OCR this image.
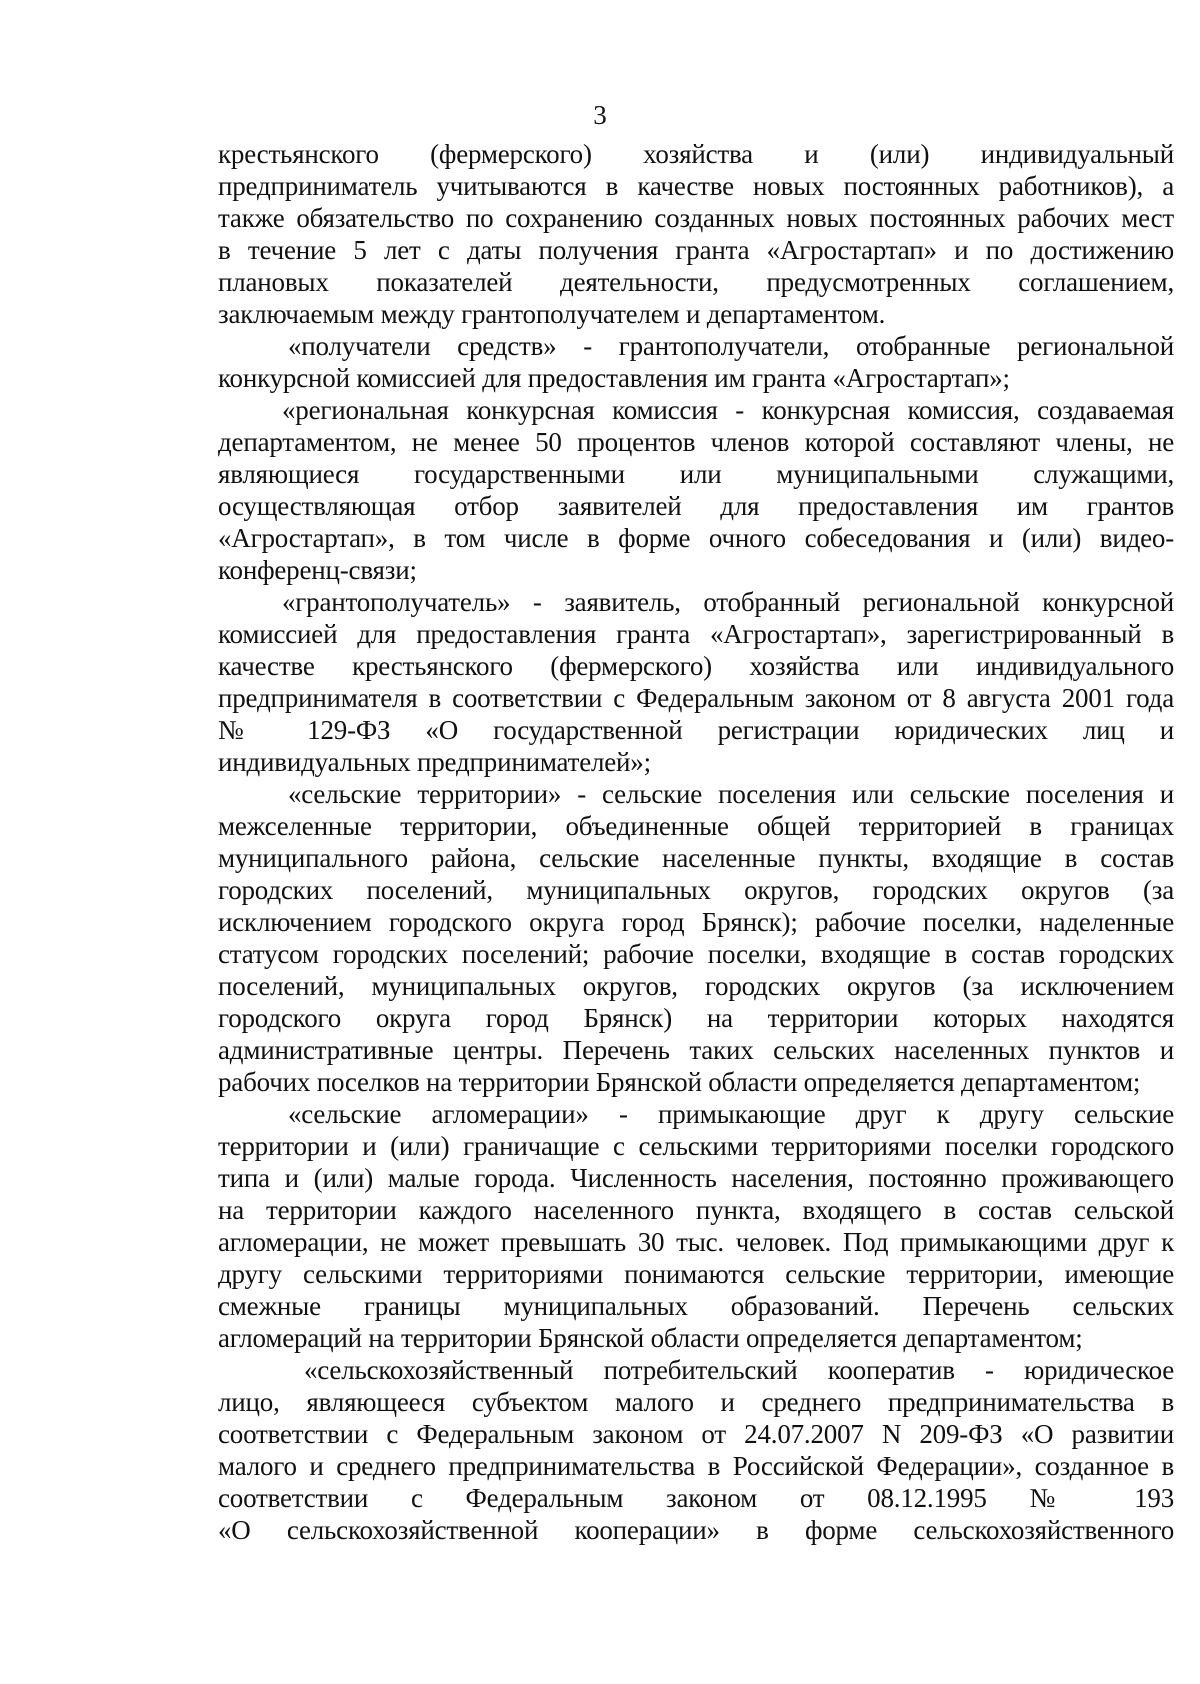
3
крестьянского (фермерского) хозяйства и (или) индивидуальный
предприниматель учитываются в качестве новых постоянных работников), а
также обязательство по сохранению созданных новых постоянных рабочих мест
в течение 5 лет с даты получения гранта «Агростартап» и по достижению
плановых показателей деятельности, предусмотренных соглашением,
заключаемым между грантополучателем и департаментом.
«получатели средств» - грантополучатели, отобранные региональной
конкурсной комиссией для предоставления им гранта «Агростартап»;
«региональная конкурсная комиссия - конкурсная комиссия, создаваемая
департаментом, не менее 50 процентов членов которой составляют члены, не
являющиеся государственными или муниципальными служащими,
осуществляющая отбор заявителей для предоставления им грантов
«Агростартап», в том числе в форме очного собеседования и (или) видео-
конференц-связи;
«грантополучатель» - заявитель, отобранный региональной конкурсной
комиссией для предоставления гранта «Агростартап», зарегистрированный в
качестве крестьянского (фермерского) хозяйства или индивидуального
предпринимателя в соответствии с Федеральным законом от 8 августа 2001 года
№ 129-ФЗ «О государственной регистрации юридических лиц и
индивидуальных предпринимателей»;
«сельские территории» - сельские поселения или сельские поселения и
межселенные территории, объединенные общей территорией в границах
муниципального района, сельские населенные пункты, входящие в состав
городских поселений, муниципальных округов, городских округов (за
исключением городского округа город Брянск); рабочие поселки, наделенные
статусом городских поселений; рабочие поселки, входящие в состав городских
поселений, муниципальных округов, городских округов (за исключением
городского округа город Брянск) на территории которых находятся
административные центры. Перечень таких сельских населенных пунктов и
рабочих поселков на территории Брянской области определяется департаментом;
«сельские агломерации» - примыкающие друг к другу сельские
территории и (или) граничащие с сельскими территориями поселки городского
типа и (или) малые города. Численность населения, постоянно проживающего
на территории каждого населенного пункта, входящего в состав сельской
агломерации, не может превышать 30 тыс. человек. Под примыкающими друг к
другу сельскими территориями понимаются сельские территории, имеющие
смежные границы муниципальных образований. Перечень сельских
агломераций на территории Брянской области определяется департаментом;
«сельскохозяйственный потребительский кооператив - юридическое
лицо, являющееся субъектом малого и среднего предпринимательства в
соответствии с Федеральным законом от 24.07.2007 N 209-ФЗ «О развитии
малого и среднего предпринимательства в Российской Федерации», созданное в
соответствии с Федеральным законом от 08.12.1995 № 193
«О сельскохозяйственной кооперации» в форме сельскохозяйственного
